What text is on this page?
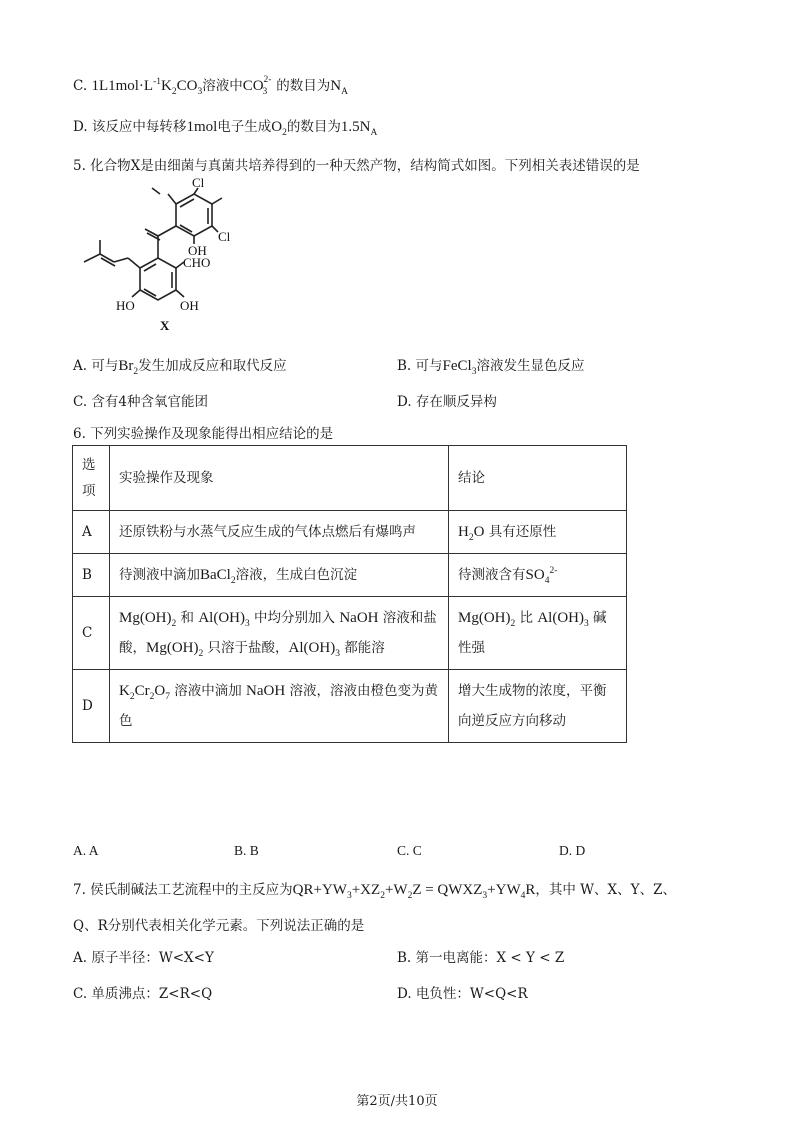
C. $1L1mol\cdot L^{-1}K_2CO_3$溶液中$CO^{2-}_3$ 的数目为$N_A$
D. 该反应中每转移1mol电子生成$O_2$的数目为$1.5N_A$
5. 化合物X是由细菌与真菌共培养得到的一种天然产物，结构简式如图。下列相关表述错误的是
Cl
Cl
OH
CHO
HO	OH
X
A. 可与$Br_2$发生加成反应和取代反应	B. 可与FeCl$_3$溶液发生显色反应
C. 含有4种含氧官能团	D. 存在顺反异构
6. 下列实验操作及现象能得出相应结论的是
选项	实验操作及现象	结论
A	还原铁粉与水蒸气反应生成的气体点燃后有爆鸣声	$H_2O$ 具有还原性
B	待测液中滴加BaCl$_2$溶液，生成白色沉淀	待测液含有$SO_4^{2-}$
C	$Mg(OH)_2$ 和 $Al(OH)_3$ 中均分别加入 NaOH 溶液和盐酸，$Mg(OH)_2$ 只溶于盐酸，$Al(OH)_3$ 都能溶	$Mg(OH)_2$ 比 $Al(OH)_3$ 碱性强
D	$K_2Cr_2O_7$ 溶液中滴加 NaOH 溶液，溶液由橙色变为黄色	增大生成物的浓度，平衡向逆反应方向移动
A. A	B. B	C. C	D. D
7. 侯氏制碱法工艺流程中的主反应为$QR+YW_3+XZ_2+W_2Z$ = $QWXZ_3+YW_4R$，其中 W、X、Y、Z、
Q、R分别代表相关化学元素。下列说法正确的是
A. 原子半径：W<X<Y	B. 第一电离能：X < Y < Z
C. 单质沸点：Z<R<Q	D. 电负性：W<Q<R
第2页/共10页
